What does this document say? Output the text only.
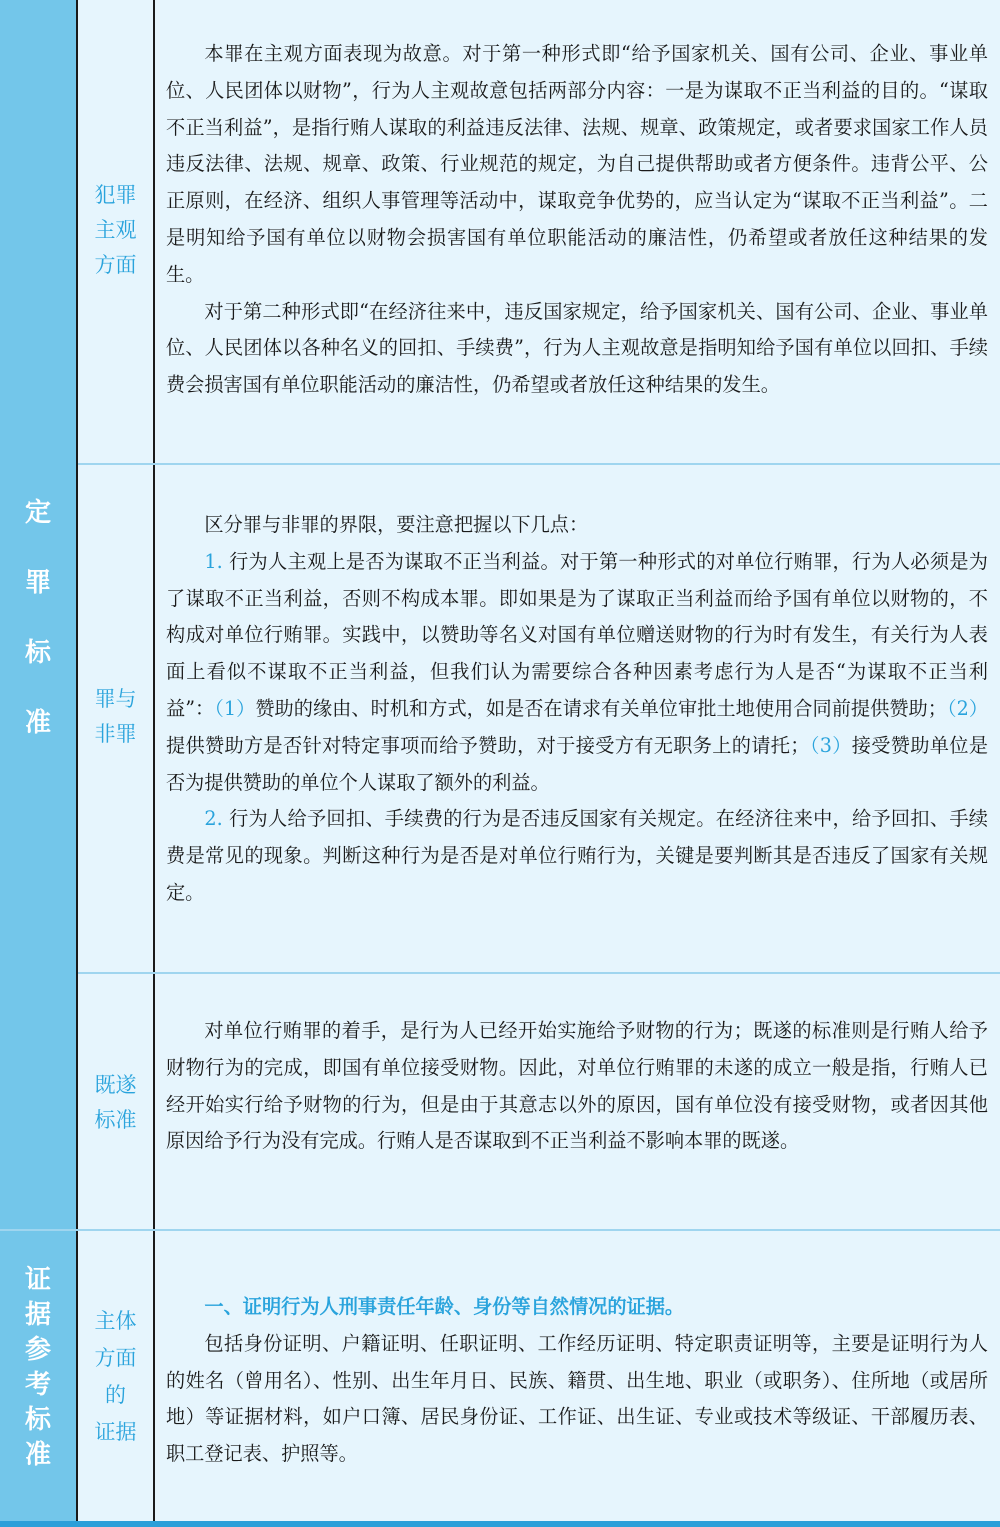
定
罪
标
准
证
据
参
考
标
准
犯罪
主观
方面
罪与
非罪
既遂
标准
主体
方面
的
证据

本罪在主观方面表现为故意。对于第一种形式即“给予国家机关、国有公司、企业、事业单位、人民团体以财物”，行为人主观故意包括两部分内容：一是为谋取不正当利益的目的。“谋取不正当利益”，是指行贿人谋取的利益违反法律、法规、规章、政策规定，或者要求国家工作人员违反法律、法规、规章、政策、行业规范的规定，为自己提供帮助或者方便条件。违背公平、公正原则，在经济、组织人事管理等活动中，谋取竞争优势的，应当认定为“谋取不正当利益”。二是明知给予国有单位以财物会损害国有单位职能活动的廉洁性，仍希望或者放任这种结果的发生。

对于第二种形式即“在经济往来中，违反国家规定，给予国家机关、国有公司、企业、事业单位、人民团体以各种名义的回扣、手续费”，行为人主观故意是指明知给予国有单位以回扣、手续费会损害国有单位职能活动的廉洁性，仍希望或者放任这种结果的发生。

区分罪与非罪的界限，要注意把握以下几点：

1. 行为人主观上是否为谋取不正当利益。对于第一种形式的对单位行贿罪，行为人必须是为了谋取不正当利益，否则不构成本罪。即如果是为了谋取正当利益而给予国有单位以财物的，不构成对单位行贿罪。实践中，以赞助等名义对国有单位赠送财物的行为时有发生，有关行为人表面上看似不谋取不正当利益，但我们认为需要综合各种因素考虑行为人是否“为谋取不正当利益”：（1）赞助的缘由、时机和方式，如是否在请求有关单位审批土地使用合同前提供赞助；（2）提供赞助方是否针对特定事项而给予赞助，对于接受方有无职务上的请托；（3）接受赞助单位是否为提供赞助的单位个人谋取了额外的利益。

2. 行为人给予回扣、手续费的行为是否违反国家有关规定。在经济往来中，给予回扣、手续费是常见的现象。判断这种行为是否是对单位行贿行为，关键是要判断其是否违反了国家有关规定。

对单位行贿罪的着手，是行为人已经开始实施给予财物的行为；既遂的标准则是行贿人给予财物行为的完成，即国有单位接受财物。因此，对单位行贿罪的未遂的成立一般是指，行贿人已经开始实行给予财物的行为，但是由于其意志以外的原因，国有单位没有接受财物，或者因其他原因给予行为没有完成。行贿人是否谋取到不正当利益不影响本罪的既遂。

一、证明行为人刑事责任年龄、身份等自然情况的证据。

包括身份证明、户籍证明、任职证明、工作经历证明、特定职责证明等，主要是证明行为人的姓名（曾用名）、性别、出生年月日、民族、籍贯、出生地、职业（或职务）、住所地（或居所地）等证据材料，如户口簿、居民身份证、工作证、出生证、专业或技术等级证、干部履历表、职工登记表、护照等。
